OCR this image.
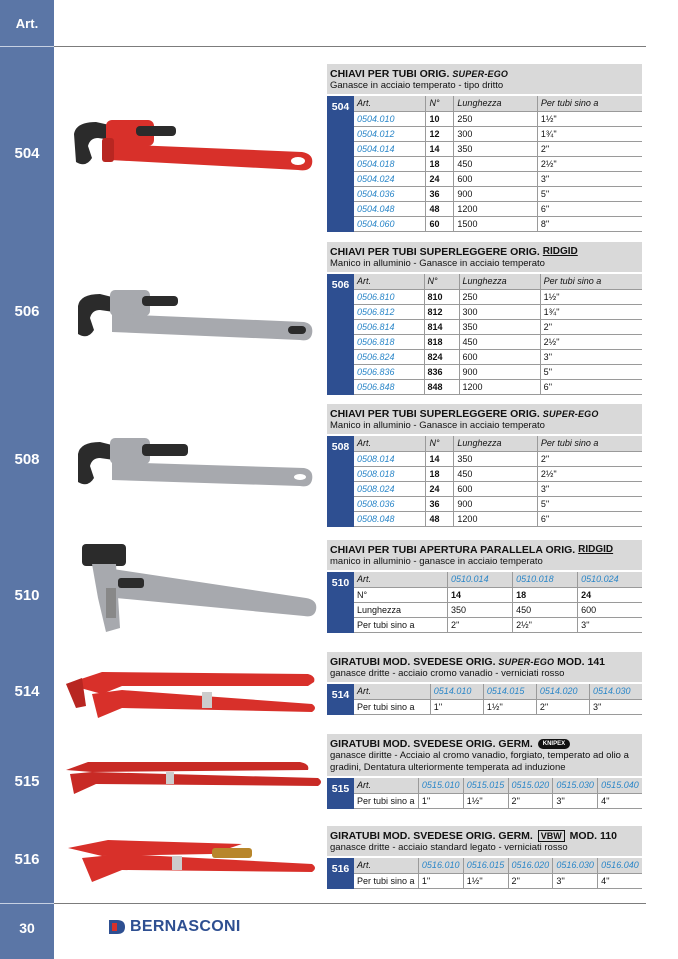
Art.
504
506
508
510
514
515
516
30
CHIAVI PER TUBI ORIG.
SUPER-EGO
Ganasce in acciaio temperato - tipo dritto
504 Art.	N°	Lunghezza	Per tubi sino a
0504.010	10	250	1½''
0504.012	12	300	1¾''
0504.014	14	350	2''
0504.018	18	450	2½''
0504.024	24	600	3''
0504.036	36	900	5''
0504.048	48	1200	6''
0504.060	60	1500	8''
CHIAVI PER TUBI SUPERLEGGERE ORIG.
RIDGID
Manico in alluminio - Ganasce in acciaio temperato
506 Art.	N°	Lunghezza	Per tubi sino a
0506.810	810	250	1½''
0506.812	812	300	1¾''
0506.814	814	350	2''
0506.818	818	450	2½''
0506.824	824	600	3''
0506.836	836	900	5''
0506.848	848	1200	6''
CHIAVI PER TUBI SUPERLEGGERE ORIG.
SUPER-EGO
Manico in alluminio - Ganasce in acciaio temperato
508 Art.	N°	Lunghezza	Per tubi sino a
0508.014	14	350	2''
0508.018	18	450	2½''
0508.024	24	600	3''
0508.036	36	900	5''
0508.048	48	1200	6''
CHIAVI PER TUBI APERTURA PARALLELA ORIG.
RIDGID
manico in alluminio - ganasce in acciaio temperato
510 Art.	0510.014	0510.018	0510.024
N°	14	18	24
Lunghezza	350	450	600
Per tubi sino a	2''	2½''	3''
GIRATUBI MOD. SVEDESE ORIG.
SUPER-EGO
MOD. 141
ganasce dritte - acciaio cromo vanadio - verniciati rosso
514 Art.	0514.010	0514.015	0514.020	0514.030
Per tubi sino a	1''	1½''	2''	3''
GIRATUBI MOD. SVEDESE ORIG. GERM.
	KNIPEX
ganasce diritte - Acciaio al cromo vanadio, forgiato, temperato ad olio a gradini, Dentatura ulteriormente temperata ad induzione
515 Art.	0515.010	0515.015	0515.020	0515.030	0515.040
Per tubi sino a	1''	1½''	2''	3''	4''
GIRATUBI MOD. SVEDESE ORIG. GERM.
VBW
MOD. 110
ganasce dritte - acciaio standard legato - verniciati rosso
516 Art.	0516.010	0516.015	0516.020	0516.030	0516.040
Per tubi sino a	1''	1½''	2''	3''	4''
BERNASCONI
